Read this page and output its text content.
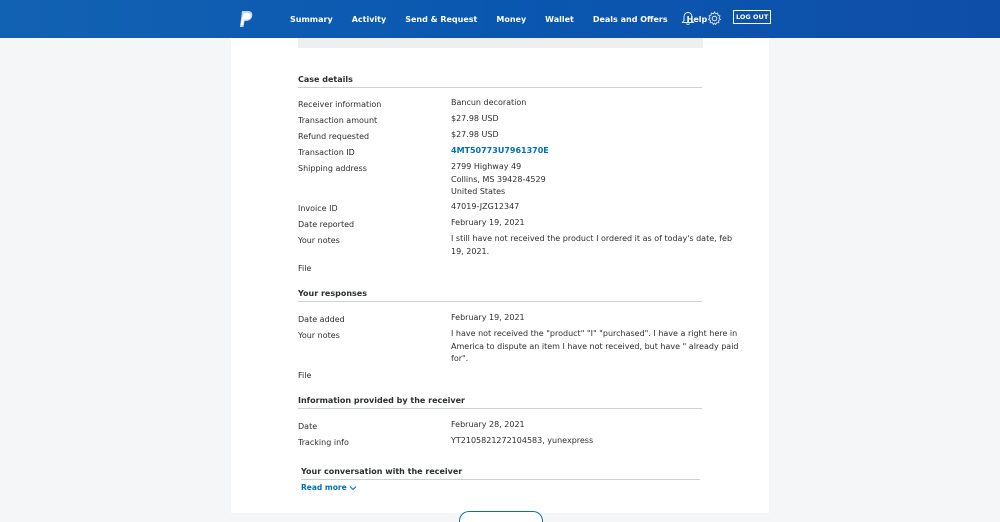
Summary Activity Send & Request Money Wallet Deals and Offers Help	LOG OUT
Case details
Receiver information	Bancun decoration
Transaction amount	$27.98 USD
Refund requested	$27.98 USD
Transaction ID	4MT50773U7961370E
Shipping address	2799 Highway 49
Collins, MS 39428-4529
United States
Invoice ID	47019-JZG12347
Date reported	February 19, 2021
Your notes	I still have not received the product I ordered it as of today's date, feb
19, 2021.
File
Your responses
Date added	February 19, 2021
Your notes	I have not received the "product" "I" "purchased". I have a right here in
America to dispute an item I have not received, but have " already paid
for".
File
Information provided by the receiver
Date	February 28, 2021
Tracking info	YT2105821272104583, yunexpress
Your conversation with the receiver
Read more
